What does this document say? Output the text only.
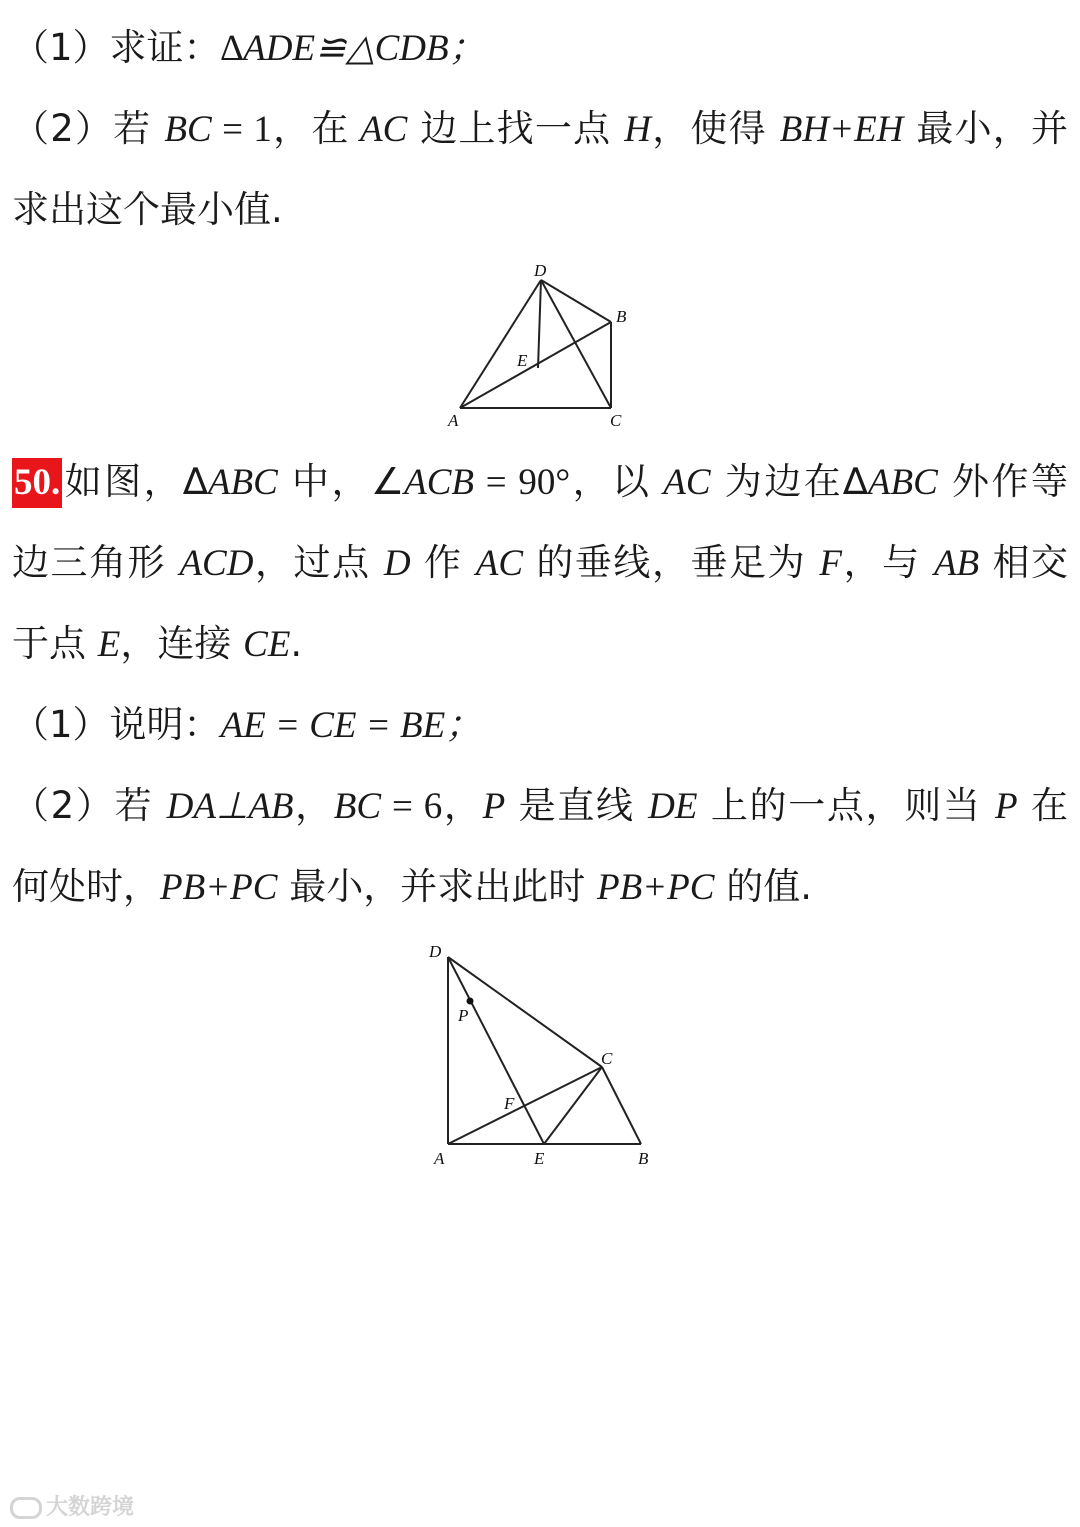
（1）求证：∆ADE≌△CDB；
（2）若 BC = 1，在 AC 边上找一点 H，使得 BH+EH 最小，并
求出这个最小值.
D
B
E
A	C
50.如图，∆ABC 中，∠ACB = 90°，以 AC 为边在∆ABC 外作等
边三角形 ACD，过点 D 作 AC 的垂线，垂足为 F，与 AB 相交
于点 E，连接 CE.
（1）说明：AE = CE = BE；
（2）若 DA⊥AB，BC = 6，P 是直线 DE 上的一点，则当 P 在
何处时，PB+PC 最小，并求出此时 PB+PC 的值.
D
P
C
F
A	E	B
大数跨境
